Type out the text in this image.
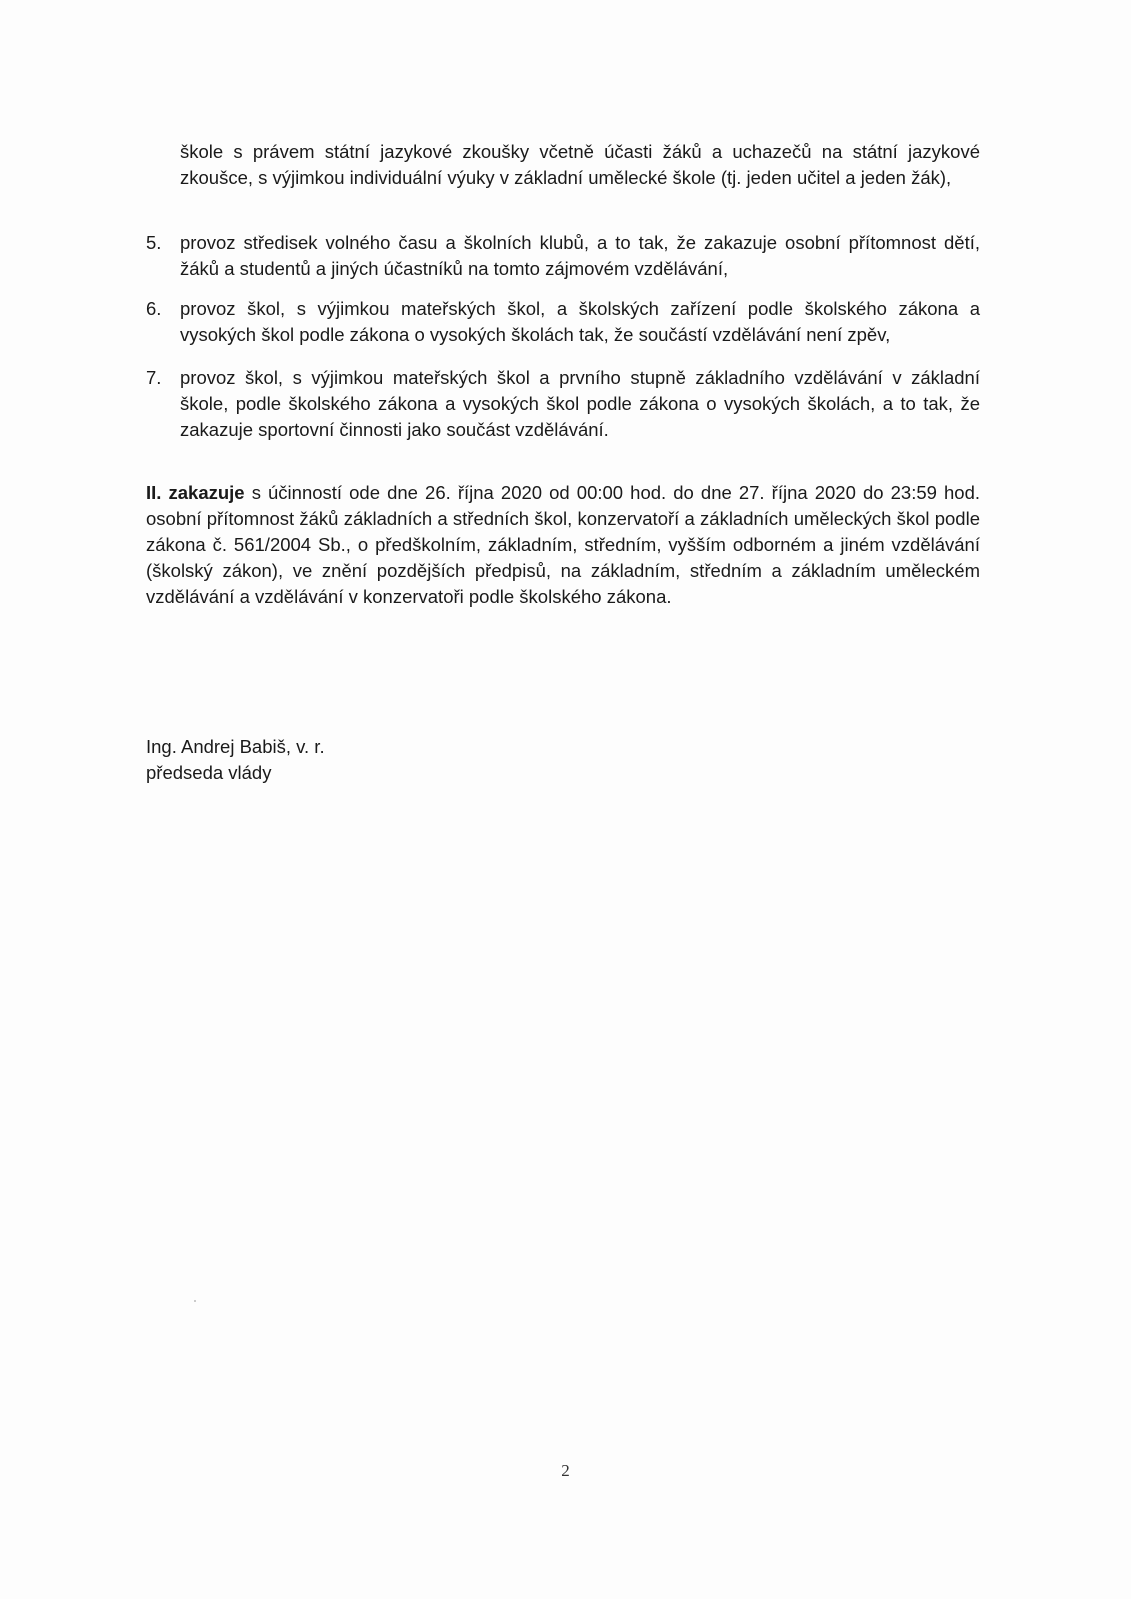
škole s právem státní jazykové zkoušky včetně účasti žáků a uchazečů na státní jazykové zkoušce, s výjimkou individuální výuky v základní umělecké škole (tj. jeden učitel a jeden žák),

5.	provoz středisek volného času a školních klubů, a to tak, že zakazuje osobní přítomnost dětí, žáků a studentů a jiných účastníků na tomto zájmovém vzdělávání,

6.	provoz škol, s výjimkou mateřských škol, a školských zařízení podle školského zákona a vysokých škol podle zákona o vysokých školách tak, že součástí vzdělávání není zpěv,

7.	provoz škol, s výjimkou mateřských škol a prvního stupně základního vzdělávání v základní škole, podle školského zákona a vysokých škol podle zákona o vysokých školách, a to tak, že zakazuje sportovní činnosti jako součást vzdělávání.

II. zakazuje s účinností ode dne 26. října 2020 od 00:00 hod. do dne 27. října 2020 do 23:59 hod. osobní přítomnost žáků základních a středních škol, konzervatoří a základních uměleckých škol podle zákona č. 561/2004 Sb., o předškolním, základním, středním, vyšším odborném a jiném vzdělávání (školský zákon), ve znění pozdějších předpisů, na základním, středním a základním uměleckém vzdělávání a vzdělávání v konzervatoři podle školského zákona.

Ing. Andrej Babiš, v. r.
předseda vlády
2
